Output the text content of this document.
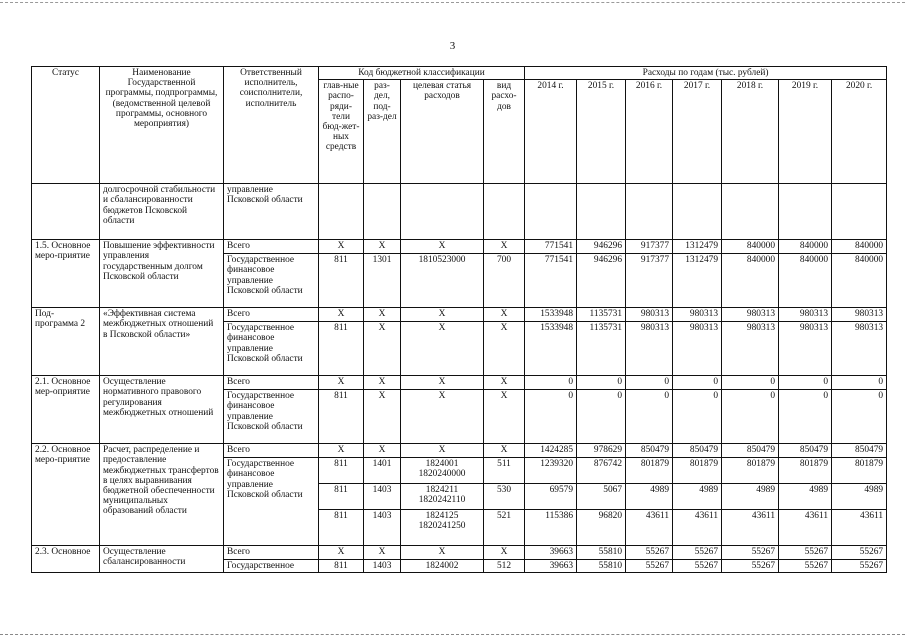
3
Статус	Наименование Государственной программы, подпрограммы, (ведомственной целевой программы, основного мероприятия)	Ответственный исполнитель, соисполнители, исполнитель	Код бюджетной классификации				Расходы по годам (тыс. рублей)						
			глав-ные распо-ряди-тели бюд-жет-ных средств	раз-дел, под-раз-дел	целевая статья расходов	вид расхо-дов	2014 г.	2015 г.	2016 г.	2017 г.	2018 г.	2019 г.	2020 г.
	долгосрочной стабильности и сбалансированности бюджетов Псковской области	управление Псковской области											
1.5. Основное меро-приятие	Повышение эффективности управления государственным долгом Псковской области	Всего	X	X	X	X	771541	946296	917377	1312479	840000	840000	840000
		Государственное финансовое управление Псковской области	811	1301	1810523000	700	771541	946296	917377	1312479	840000	840000	840000
Под-программа 2	«Эффективная система межбюджетных отношений в Псковской области»	Всего	X	X	X	X	1533948	1135731	980313	980313	980313	980313	980313
		Государственное финансовое управление Псковской области	811	X	X	X	1533948	1135731	980313	980313	980313	980313	980313
2.1. Основное мер-оприятие	Осуществление нормативного правового регулирования межбюджетных отношений	Всего	X	X	X	X	0	0	0	0	0	0	0
		Государственное финансовое управление Псковской области	811	X	X	X	0	0	0	0	0	0	0
2.2. Основное меро-приятие	Расчет, распределение и предоставление межбюджетных трансфертов в целях выравнивания бюджетной обеспеченности муниципальных образований области	Всего	X	X	X	X	1424285	978629	850479	850479	850479	850479	850479
		Государственное финансовое управление Псковской области	811	1401	1824001 1820240000	511	1239320	876742	801879	801879	801879	801879	801879
			811	1403	1824211 1820242110	530	69579	5067	4989	4989	4989	4989	4989
			811	1403	1824125 1820241250	521	115386	96820	43611	43611	43611	43611	43611
2.3. Основное	Осуществление сбалансированности	Всего	X	X	X	X	39663	55810	55267	55267	55267	55267	55267
		Государственное	811	1403	1824002	512	39663	55810	55267	55267	55267	55267	55267
